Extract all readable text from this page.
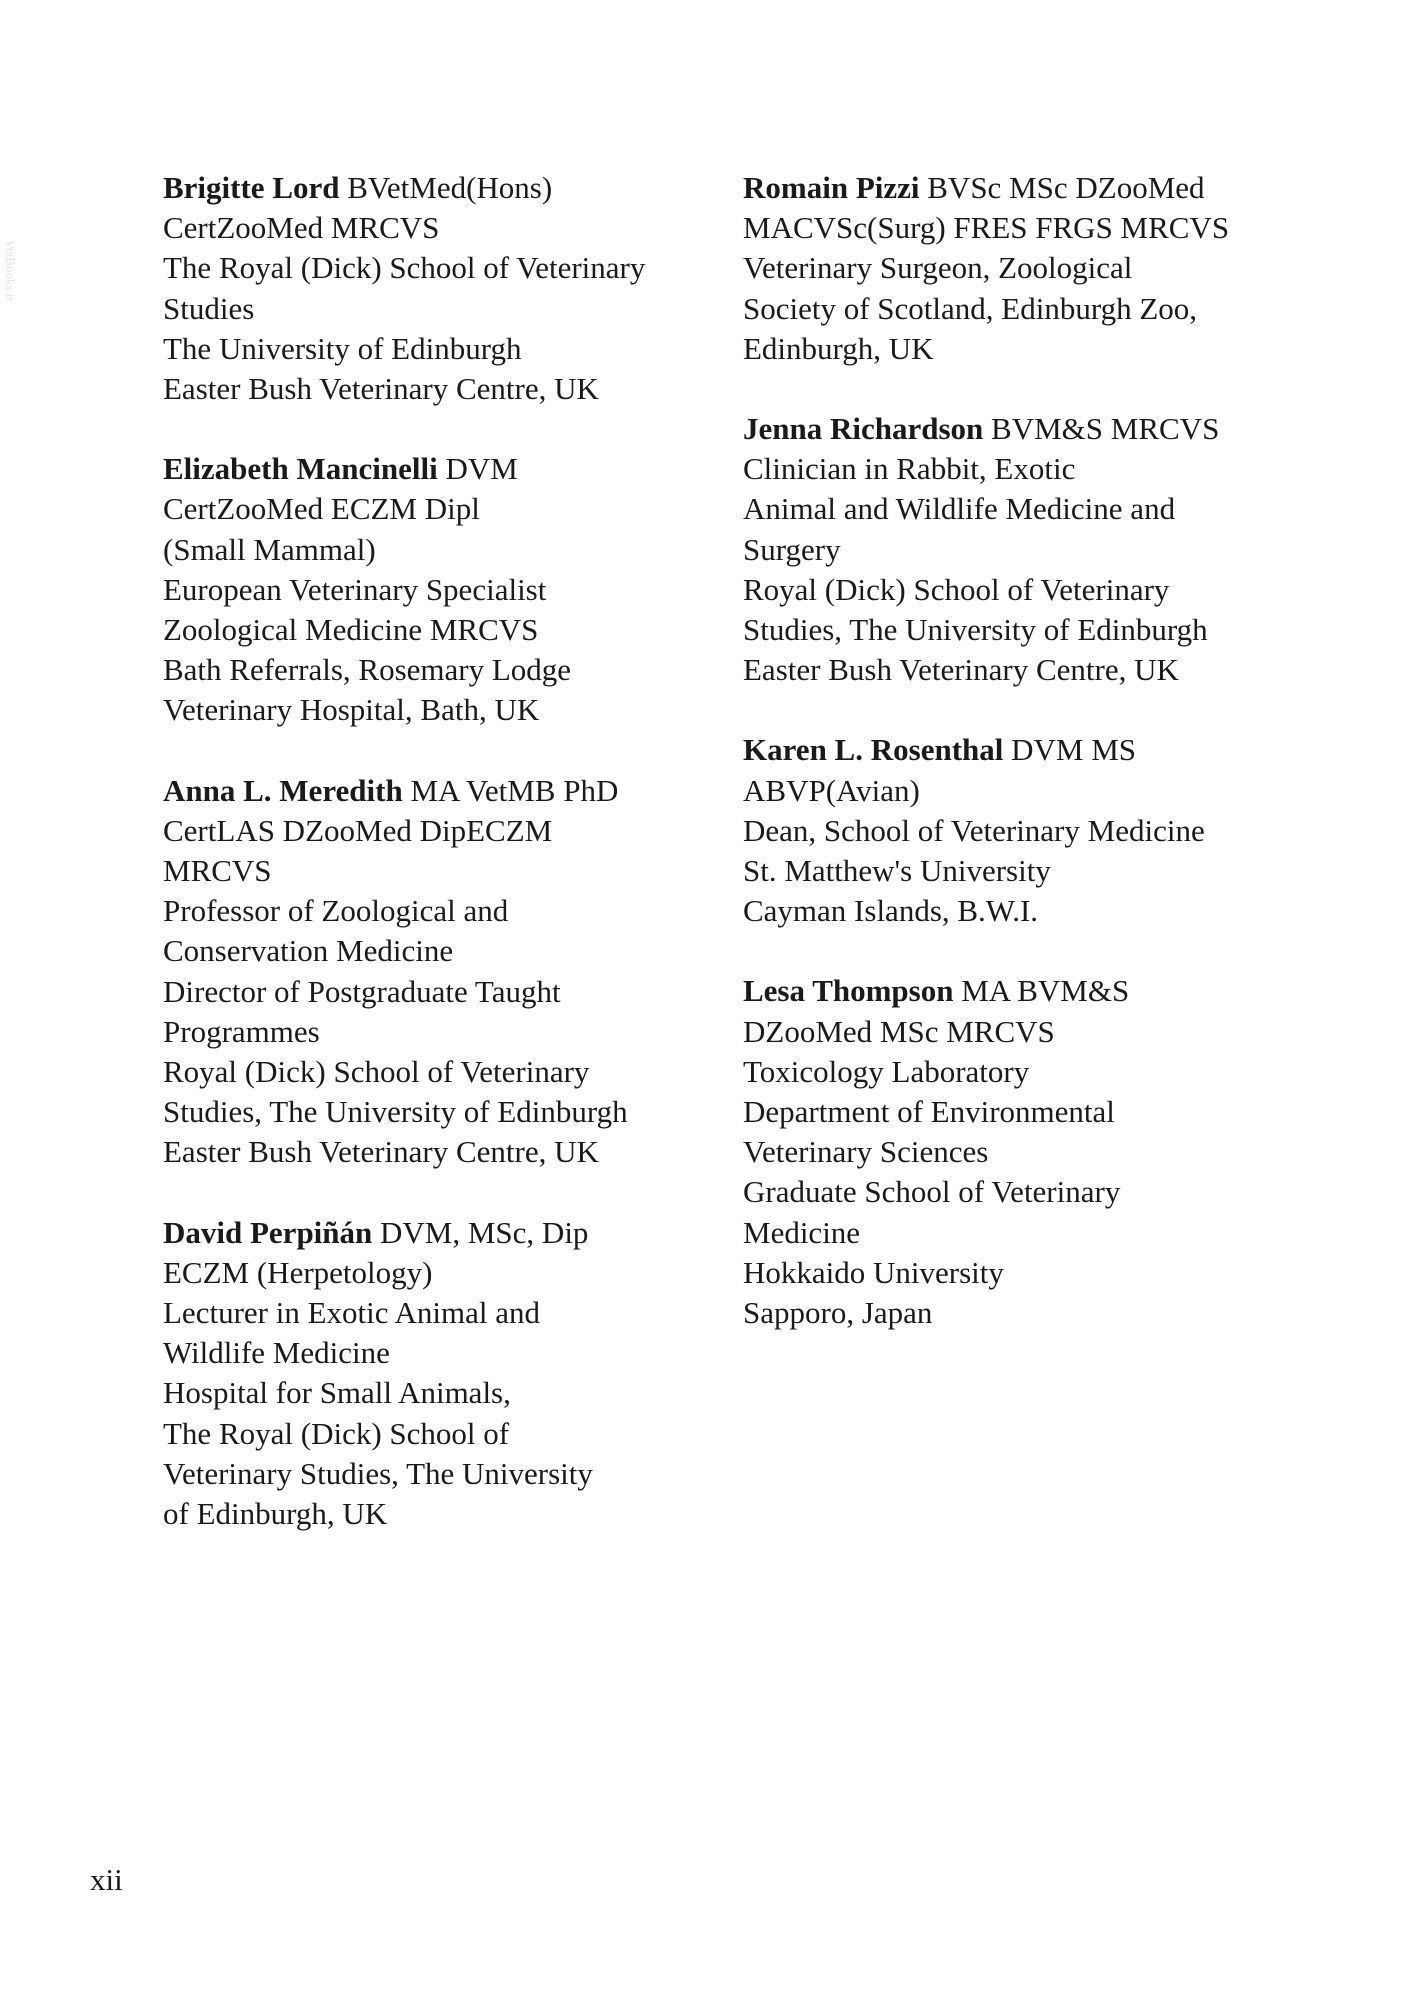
VetBooks.ir
Brigitte Lord BVetMed(Hons)
CertZooMed MRCVS
The Royal (Dick) School of Veterinary
Studies
The University of Edinburgh
Easter Bush Veterinary Centre, UK
Elizabeth Mancinelli DVM
CertZooMed ECZM Dipl
(Small Mammal)
European Veterinary Specialist
Zoological Medicine MRCVS
Bath Referrals, Rosemary Lodge
Veterinary Hospital, Bath, UK
Anna L. Meredith MA VetMB PhD
CertLAS DZooMed DipECZM
MRCVS
Professor of Zoological and
Conservation Medicine
Director of Postgraduate Taught
Programmes
Royal (Dick) School of Veterinary
Studies, The University of Edinburgh
Easter Bush Veterinary Centre, UK
David Perpiñán DVM, MSc, Dip
ECZM (Herpetology)
Lecturer in Exotic Animal and
Wildlife Medicine
Hospital for Small Animals,
The Royal (Dick) School of
Veterinary Studies, The University
of Edinburgh, UK
Romain Pizzi BVSc MSc DZooMed
MACVSc(Surg) FRES FRGS MRCVS
Veterinary Surgeon, Zoological
Society of Scotland, Edinburgh Zoo,
Edinburgh, UK
Jenna Richardson BVM&S MRCVS
Clinician in Rabbit, Exotic
Animal and Wildlife Medicine and
Surgery
Royal (Dick) School of Veterinary
Studies, The University of Edinburgh
Easter Bush Veterinary Centre, UK
Karen L. Rosenthal DVM MS
ABVP(Avian)
Dean, School of Veterinary Medicine
St. Matthew's University
Cayman Islands, B.W.I.
Lesa Thompson MA BVM&S
DZooMed MSc MRCVS
Toxicology Laboratory
Department of Environmental
Veterinary Sciences
Graduate School of Veterinary
Medicine
Hokkaido University
Sapporo, Japan
xii
